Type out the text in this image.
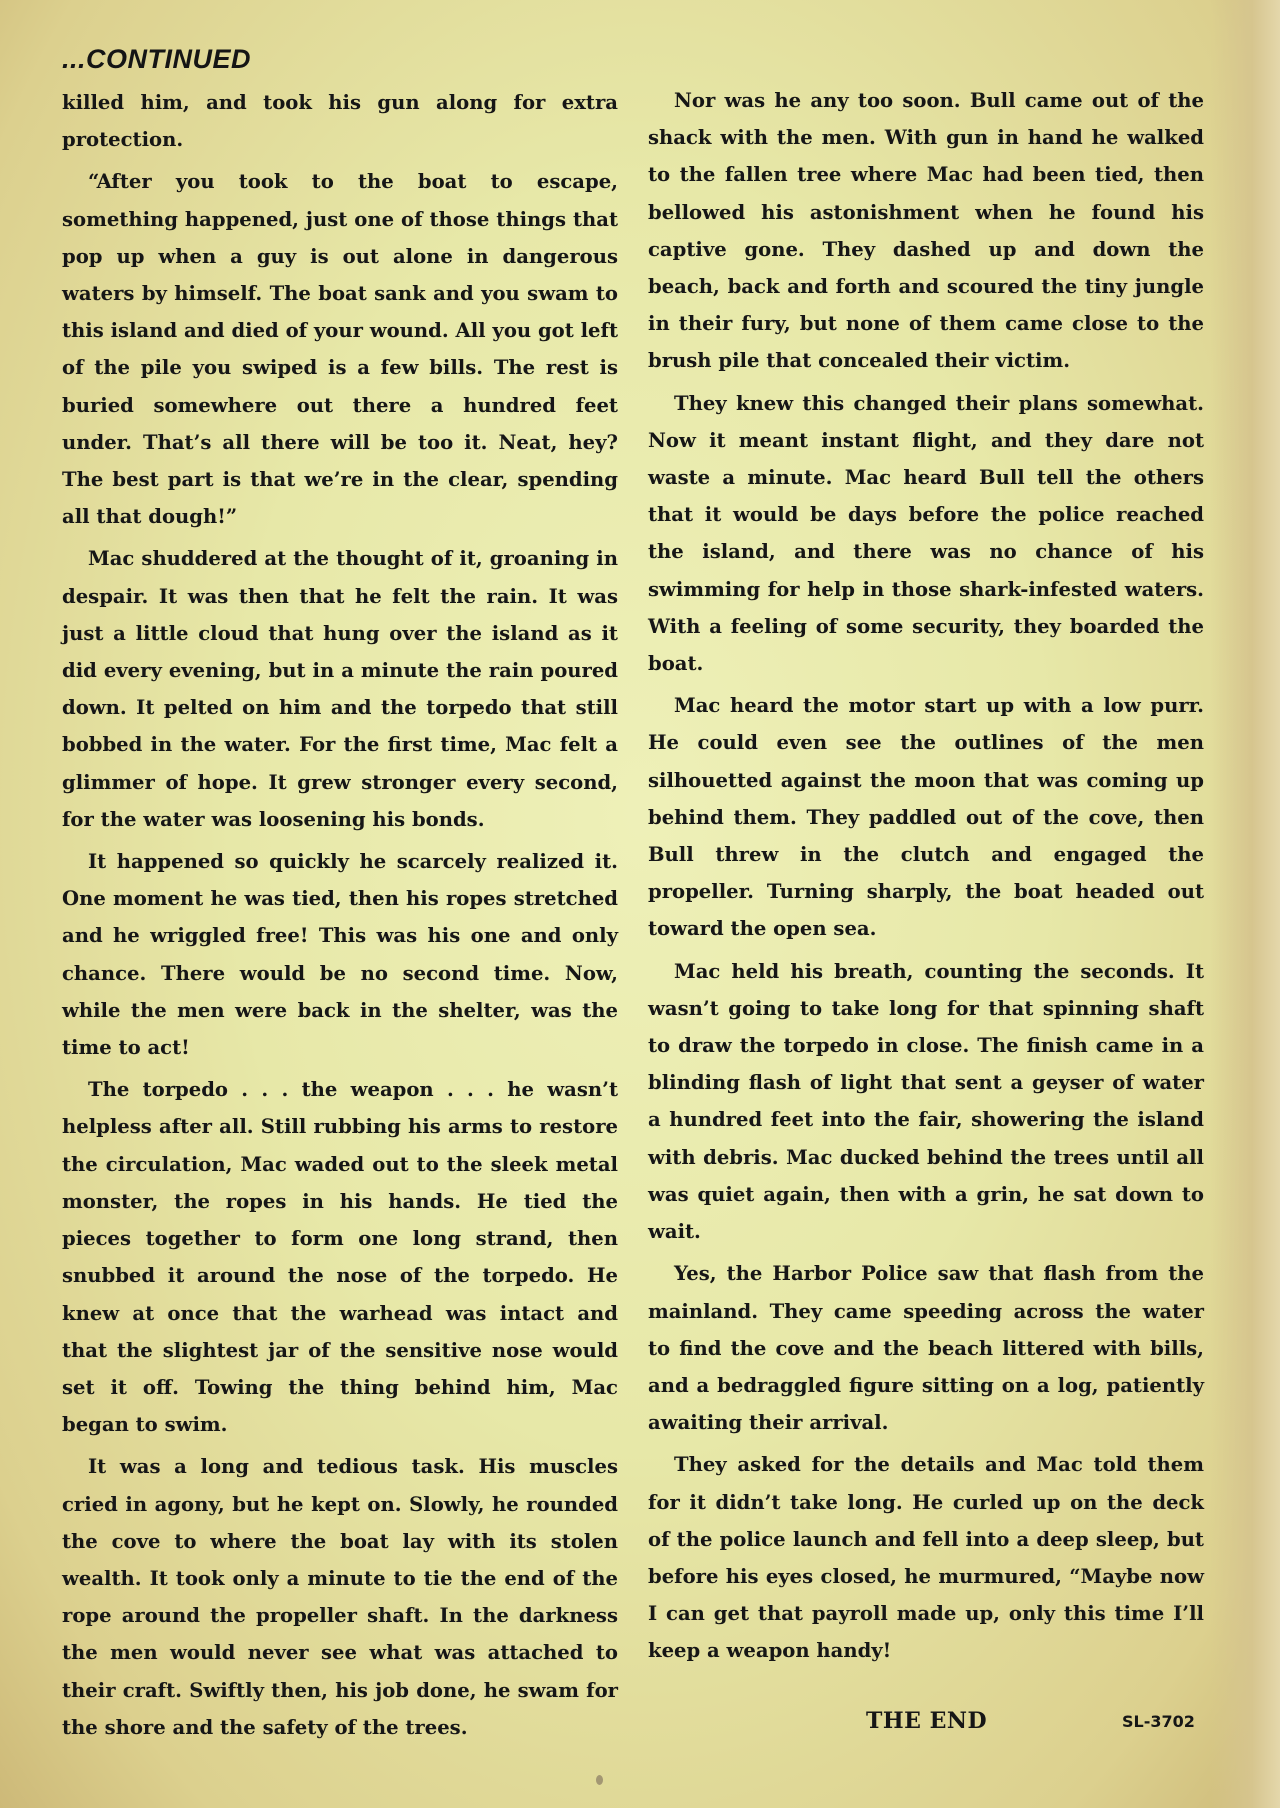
...CONTINUED

killed him, and took his gun along for extra protection.

“After you took to the boat to escape, something happened, just one of those things that pop up when a guy is out alone in dangerous waters by himself. The boat sank and you swam to this island and died of your wound. All you got left of the pile you swiped is a few bills. The rest is buried somewhere out there a hundred feet under. That’s all there will be too it. Neat, hey? The best part is that we’re in the clear, spending all that dough!”

Mac shuddered at the thought of it, groaning in despair. It was then that he felt the rain. It was just a little cloud that hung over the island as it did every evening, but in a minute the rain poured down. It pelted on him and the torpedo that still bobbed in the water. For the first time, Mac felt a glimmer of hope. It grew stronger every second, for the water was loosening his bonds.

It happened so quickly he scarcely realized it. One moment he was tied, then his ropes stretched and he wriggled free! This was his one and only chance. There would be no second time. Now, while the men were back in the shelter, was the time to act!

The torpedo . . . the weapon . . . he wasn’t helpless after all. Still rubbing his arms to restore the circulation, Mac waded out to the sleek metal monster, the ropes in his hands. He tied the pieces together to form one long strand, then snubbed it around the nose of the torpedo. He knew at once that the warhead was intact and that the slightest jar of the sensitive nose would set it off. Towing the thing behind him, Mac began to swim.

It was a long and tedious task. His muscles cried in agony, but he kept on. Slowly, he rounded the cove to where the boat lay with its stolen wealth. It took only a minute to tie the end of the rope around the propeller shaft. In the darkness the men would never see what was attached to their craft. Swiftly then, his job done, he swam for the shore and the safety of the trees.

Nor was he any too soon. Bull came out of the shack with the men. With gun in hand he walked to the fallen tree where Mac had been tied, then bellowed his astonishment when he found his captive gone. They dashed up and down the beach, back and forth and scoured the tiny jungle in their fury, but none of them came close to the brush pile that concealed their victim.

They knew this changed their plans somewhat. Now it meant instant flight, and they dare not waste a minute. Mac heard Bull tell the others that it would be days before the police reached the island, and there was no chance of his swimming for help in those shark-infested waters. With a feeling of some security, they boarded the boat.

Mac heard the motor start up with a low purr. He could even see the outlines of the men silhouetted against the moon that was coming up behind them. They paddled out of the cove, then Bull threw in the clutch and engaged the propeller. Turning sharply, the boat headed out toward the open sea.

Mac held his breath, counting the seconds. It wasn’t going to take long for that spinning shaft to draw the torpedo in close. The finish came in a blinding flash of light that sent a geyser of water a hundred feet into the fair, showering the island with debris. Mac ducked behind the trees until all was quiet again, then with a grin, he sat down to wait.

Yes, the Harbor Police saw that flash from the mainland. They came speeding across the water to find the cove and the beach littered with bills, and a bedraggled figure sitting on a log, patiently awaiting their arrival.

They asked for the details and Mac told them for it didn’t take long. He curled up on the deck of the police launch and fell into a deep sleep, but before his eyes closed, he murmured, “Maybe now I can get that payroll made up, only this time I’ll keep a weapon handy!

THE END	SL-3702
